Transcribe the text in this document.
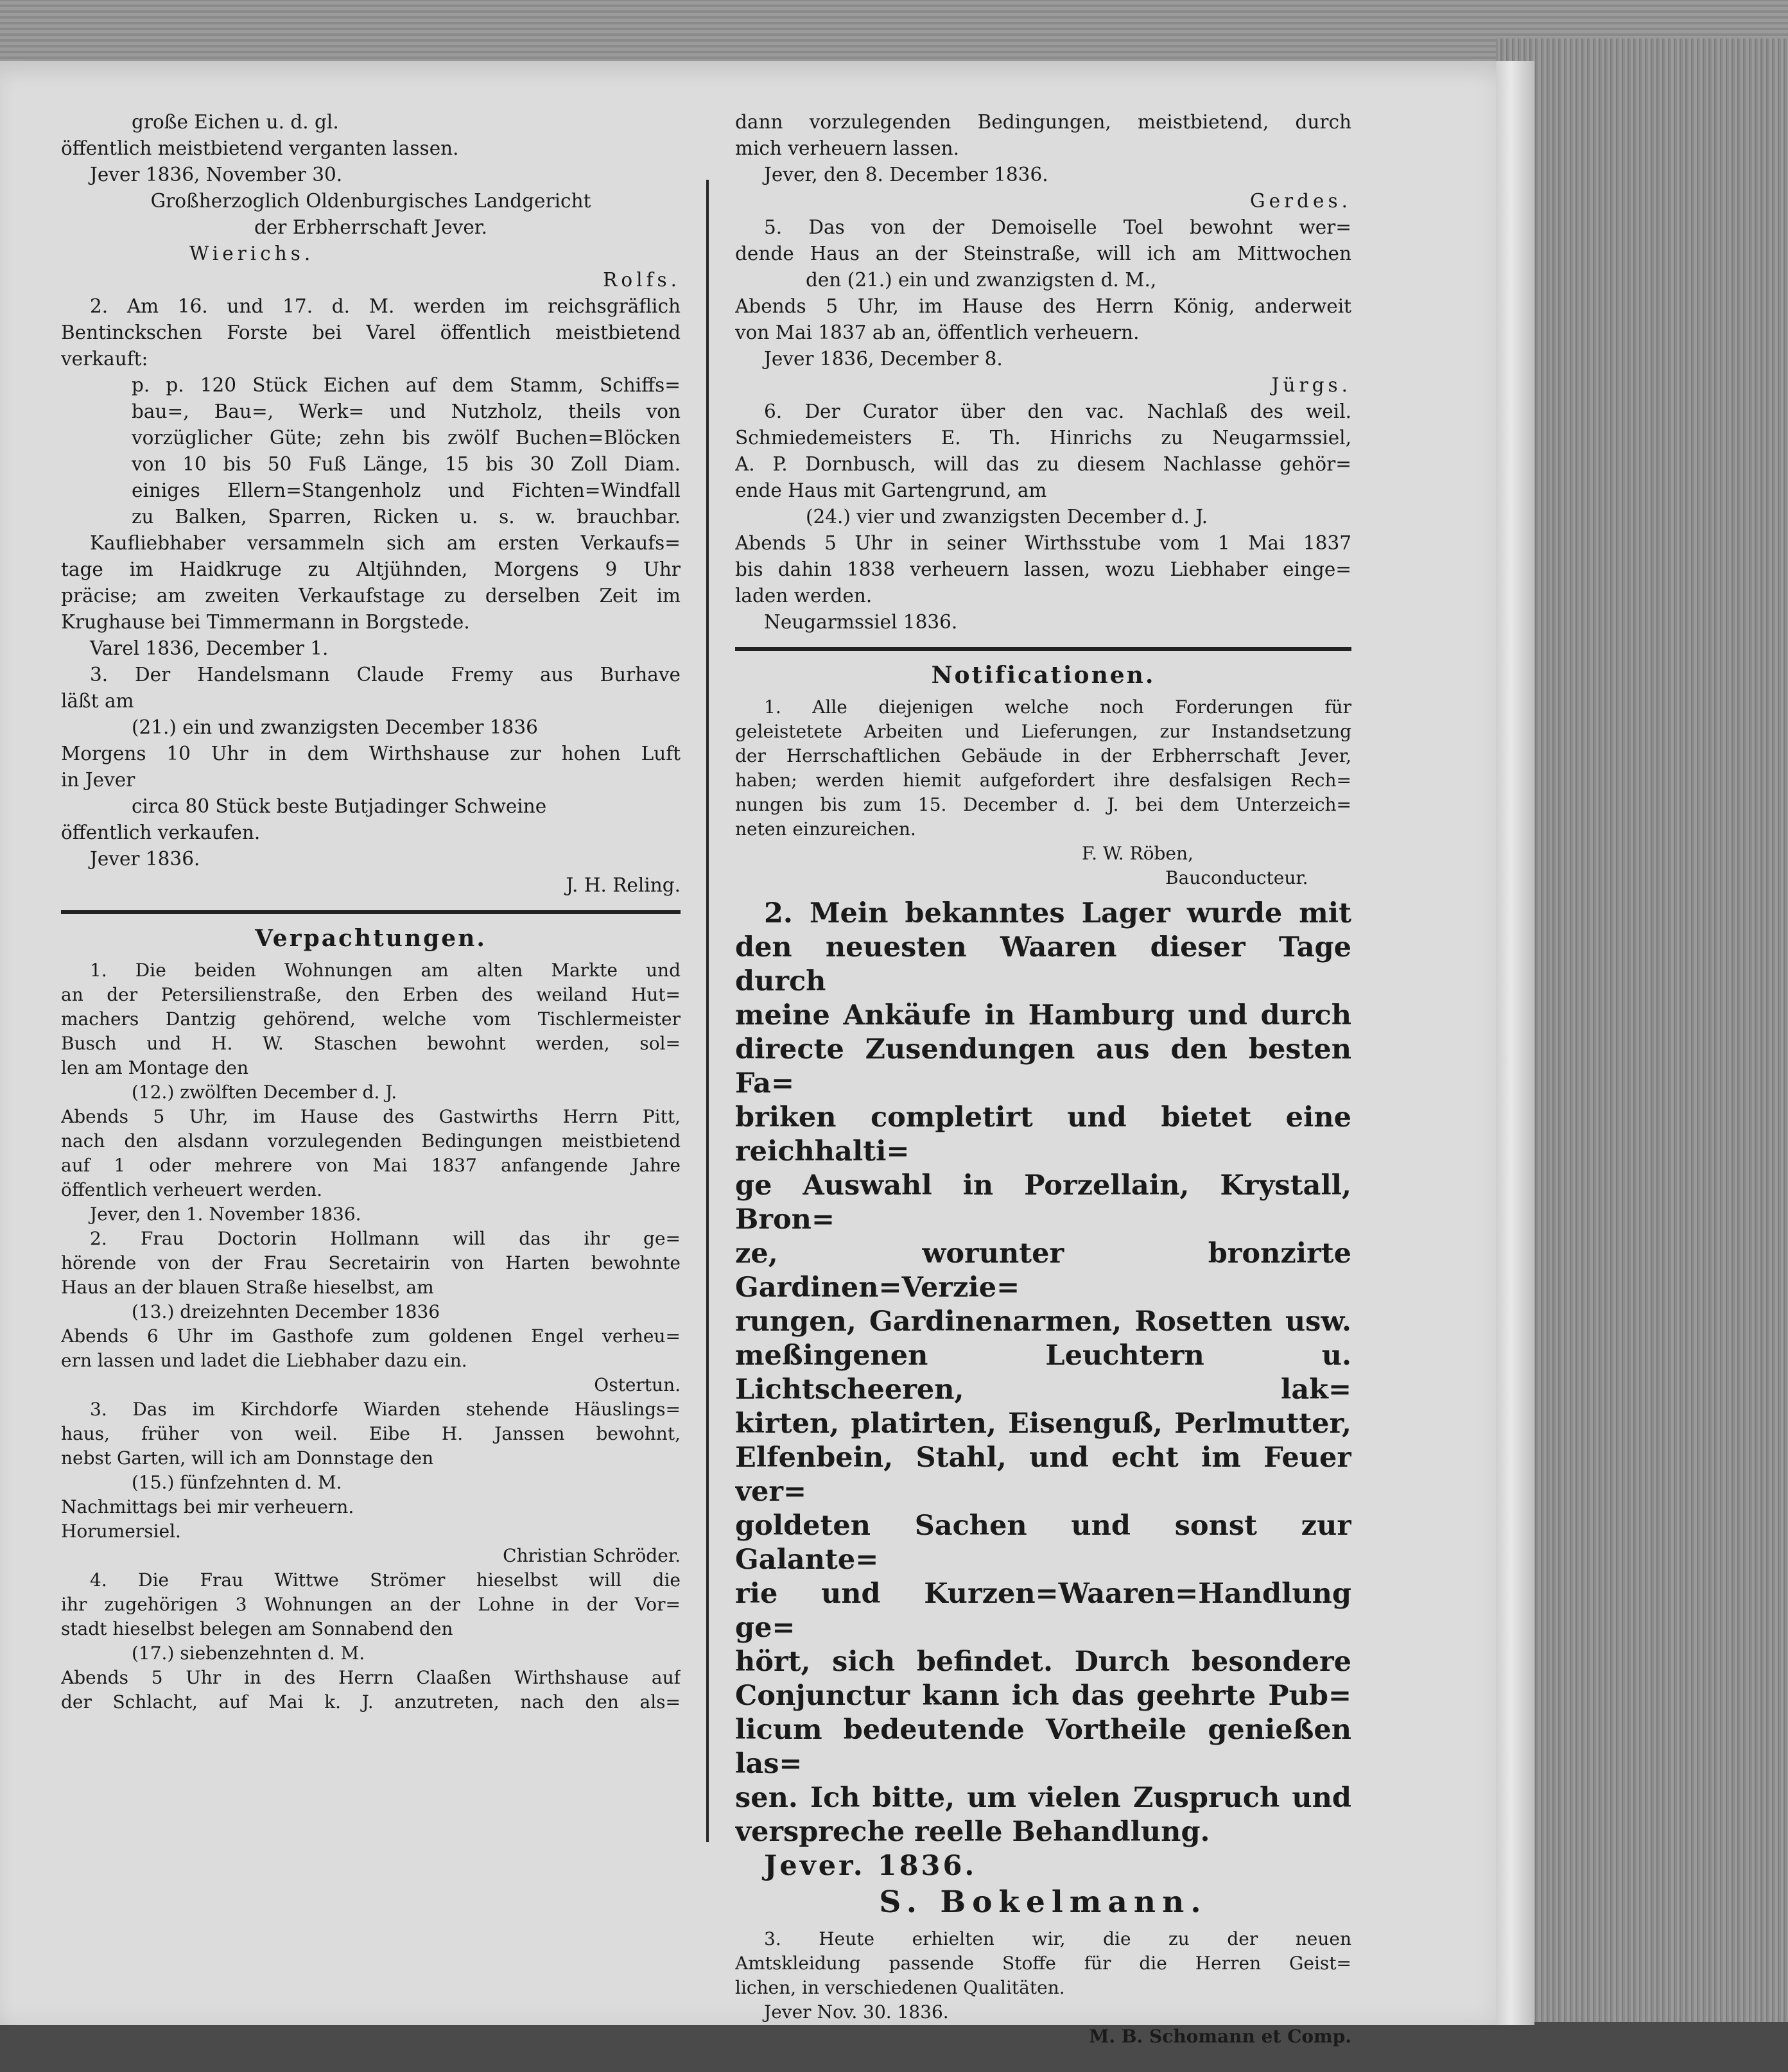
große Eichen u. d. gl.
öffentlich meistbietend verganten lassen.
Jever 1836, November 30.
Großherzoglich Oldenburgisches Landgericht
der Erbherrschaft Jever.
Wierichs.
Rolfs.
2. Am 16. und 17. d. M. werden im reichsgräflich
Bentinckschen Forste bei Varel öffentlich meistbietend
verkauft:
p. p. 120 Stück Eichen auf dem Stamm, Schiffs=
bau=, Bau=, Werk= und Nutzholz, theils von
vorzüglicher Güte; zehn bis zwölf Buchen=Blöcken
von 10 bis 50 Fuß Länge, 15 bis 30 Zoll Diam.
einiges Ellern=Stangenholz und Fichten=Windfall
zu Balken, Sparren, Ricken u. s. w. brauchbar.
Kaufliebhaber versammeln sich am ersten Verkaufs=
tage im Haidkruge zu Altjühnden, Morgens 9 Uhr
präcise; am zweiten Verkaufstage zu derselben Zeit im
Krughause bei Timmermann in Borgstede.
Varel 1836, December 1.
3. Der Handelsmann Claude Fremy aus Burhave
läßt am
(21.) ein und zwanzigsten December 1836
Morgens 10 Uhr in dem Wirthshause zur hohen Luft
in Jever
circa 80 Stück beste Butjadinger Schweine
öffentlich verkaufen.
Jever 1836.
J. H. Reling.
Verpachtungen.
1. Die beiden Wohnungen am alten Markte und
an der Petersilienstraße, den Erben des weiland Hut=
machers Dantzig gehörend, welche vom Tischlermeister
Busch und H. W. Staschen bewohnt werden, sol=
len am Montage den
(12.) zwölften December d. J.
Abends 5 Uhr, im Hause des Gastwirths Herrn Pitt,
nach den alsdann vorzulegenden Bedingungen meistbietend
auf 1 oder mehrere von Mai 1837 anfangende Jahre
öffentlich verheuert werden.
Jever, den 1. November 1836.
2. Frau Doctorin Hollmann will das ihr ge=
hörende von der Frau Secretairin von Harten bewohnte
Haus an der blauen Straße hieselbst, am
(13.) dreizehnten December 1836
Abends 6 Uhr im Gasthofe zum goldenen Engel verheu=
ern lassen und ladet die Liebhaber dazu ein.
Ostertun.
3. Das im Kirchdorfe Wiarden stehende Häuslings=
haus, früher von weil. Eibe H. Janssen bewohnt,
nebst Garten, will ich am Donnstage den
(15.) fünfzehnten d. M.
Nachmittags bei mir verheuern.
Horumersiel.
Christian Schröder.
4. Die Frau Wittwe Strömer hieselbst will die
ihr zugehörigen 3 Wohnungen an der Lohne in der Vor=
stadt hieselbst belegen am Sonnabend den
(17.) siebenzehnten d. M.
Abends 5 Uhr in des Herrn Claaßen Wirthshause auf
der Schlacht, auf Mai k. J. anzutreten, nach den als=
dann vorzulegenden Bedingungen, meistbietend, durch
mich verheuern lassen.
Jever, den 8. December 1836.
Gerdes.
5. Das von der Demoiselle Toel bewohnt wer=
dende Haus an der Steinstraße, will ich am Mittwochen
den (21.) ein und zwanzigsten d. M.,
Abends 5 Uhr, im Hause des Herrn König, anderweit
von Mai 1837 ab an, öffentlich verheuern.
Jever 1836, December 8.
Jürgs.
6. Der Curator über den vac. Nachlaß des weil.
Schmiedemeisters E. Th. Hinrichs zu Neugarmssiel,
A. P. Dornbusch, will das zu diesem Nachlasse gehör=
ende Haus mit Gartengrund, am
(24.) vier und zwanzigsten December d. J.
Abends 5 Uhr in seiner Wirthsstube vom 1 Mai 1837
bis dahin 1838 verheuern lassen, wozu Liebhaber einge=
laden werden.
Neugarmssiel 1836.
Notificationen.
1. Alle diejenigen welche noch Forderungen für
geleistetete Arbeiten und Lieferungen, zur Instandsetzung
der Herrschaftlichen Gebäude in der Erbherrschaft Jever,
haben; werden hiemit aufgefordert ihre desfalsigen Rech=
nungen bis zum 15. December d. J. bei dem Unterzeich=
neten einzureichen.
F. W. Röben,
Bauconducteur.
2. Mein bekanntes Lager wurde mit
den neuesten Waaren dieser Tage durch
meine Ankäufe in Hamburg und durch
directe Zusendungen aus den besten Fa=
briken completirt und bietet eine reichhalti=
ge Auswahl in Porzellain, Krystall, Bron=
ze, worunter bronzirte Gardinen=Verzie=
rungen, Gardinenarmen, Rosetten usw.
meßingenen Leuchtern u. Lichtscheeren, lak=
kirten, platirten, Eisenguß, Perlmutter,
Elfenbein, Stahl, und echt im Feuer ver=
goldeten Sachen und sonst zur Galante=
rie und Kurzen=Waaren=Handlung ge=
hört, sich befindet. Durch besondere
Conjunctur kann ich das geehrte Pub=
licum bedeutende Vortheile genießen las=
sen. Ich bitte, um vielen Zuspruch und
verspreche reelle Behandlung.
Jever. 1836.
S. Bokelmann.
3. Heute erhielten wir, die zu der neuen
Amtskleidung passende Stoffe für die Herren Geist=
lichen, in verschiedenen Qualitäten.
Jever Nov. 30. 1836.
M. B. Schomann et Comp.
